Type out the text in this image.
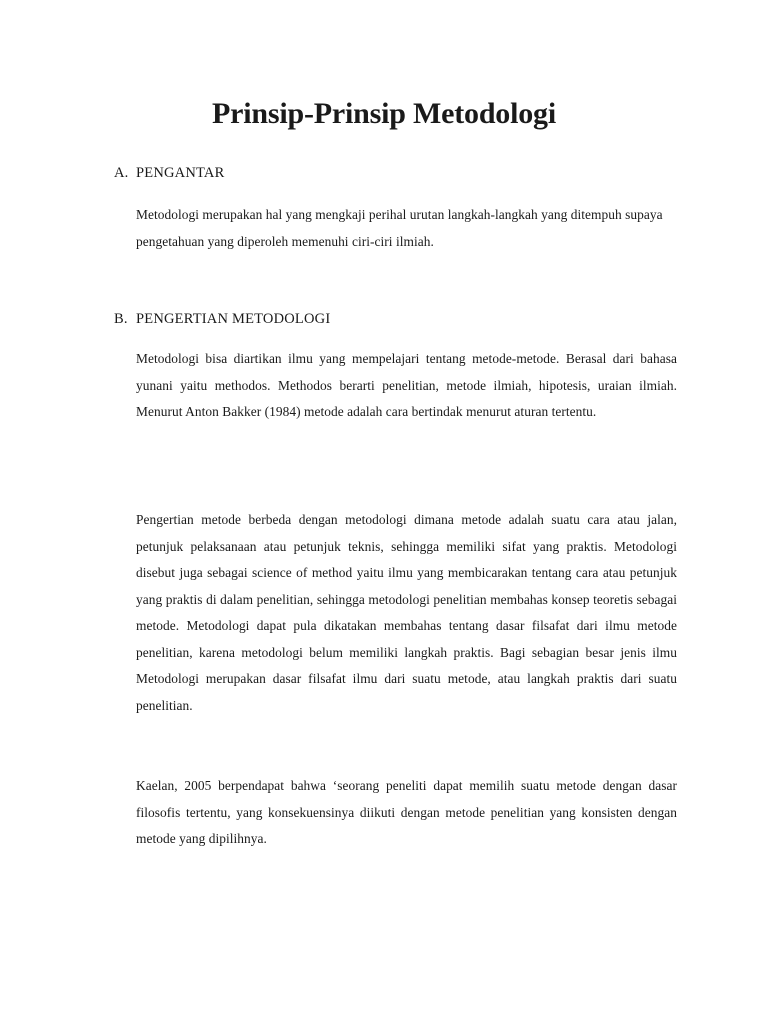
Prinsip-Prinsip Metodologi
A. PENGANTAR

Metodologi merupakan hal yang mengkaji perihal urutan langkah-langkah yang ditempuh supaya pengetahuan yang diperoleh memenuhi ciri-ciri ilmiah.

B. PENGERTIAN METODOLOGI

Metodologi bisa diartikan ilmu yang mempelajari tentang metode-metode. Berasal dari bahasa yunani yaitu methodos. Methodos berarti penelitian, metode ilmiah, hipotesis, uraian ilmiah. Menurut Anton Bakker (1984) metode adalah cara bertindak menurut aturan tertentu.

Pengertian metode berbeda dengan metodologi dimana metode adalah suatu cara atau jalan, petunjuk pelaksanaan atau petunjuk teknis, sehingga memiliki sifat yang praktis. Metodologi disebut juga sebagai science of method yaitu ilmu yang membicarakan tentang cara atau petunjuk yang praktis di dalam penelitian, sehingga metodologi penelitian membahas konsep teoretis sebagai metode. Metodologi dapat pula dikatakan membahas tentang dasar filsafat dari ilmu metode penelitian, karena metodologi belum memiliki langkah praktis. Bagi sebagian besar jenis ilmu Metodologi merupakan dasar filsafat ilmu dari suatu metode, atau langkah praktis dari suatu penelitian.

Kaelan, 2005 berpendapat bahwa ‘seorang peneliti dapat memilih suatu metode dengan dasar filosofis tertentu, yang konsekuensinya diikuti dengan metode penelitian yang konsisten dengan metode yang dipilihnya.
